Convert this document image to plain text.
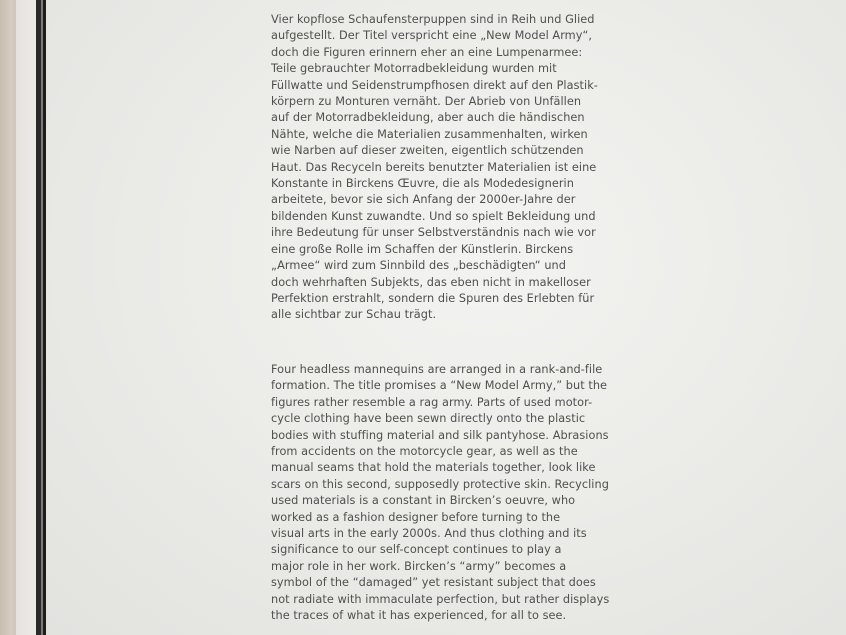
Vier kopflose Schaufensterpuppen sind in Reih und Glied
aufgestellt. Der Titel verspricht eine „New Model Army“,
doch die Figuren erinnern eher an eine Lumpenarmee:
Teile gebrauchter Motorradbekleidung wurden mit
Füllwatte und Seidenstrumpfhosen direkt auf den Plastik-
körpern zu Monturen vernäht. Der Abrieb von Unfällen
auf der Motorradbekleidung, aber auch die händischen
Nähte, welche die Materialien zusammenhalten, wirken
wie Narben auf dieser zweiten, eigentlich schützenden
Haut. Das Recyceln bereits benutzter Materialien ist eine
Konstante in Birckens Œuvre, die als Modedesignerin
arbeitete, bevor sie sich Anfang der 2000er-Jahre der
bildenden Kunst zuwandte. Und so spielt Bekleidung und
ihre Bedeutung für unser Selbstverständnis nach wie vor
eine große Rolle im Schaffen der Künstlerin. Birckens
„Armee“ wird zum Sinnbild des „beschädigten“ und
doch wehrhaften Subjekts, das eben nicht in makelloser
Perfektion erstrahlt, sondern die Spuren des Erlebten für
alle sichtbar zur Schau trägt.
Four headless mannequins are arranged in a rank-and-file
formation. The title promises a “New Model Army,” but the
figures rather resemble a rag army. Parts of used motor-
cycle clothing have been sewn directly onto the plastic
bodies with stuffing material and silk pantyhose. Abrasions
from accidents on the motorcycle gear, as well as the
manual seams that hold the materials together, look like
scars on this second, supposedly protective skin. Recycling
used materials is a constant in Bircken’s oeuvre, who
worked as a fashion designer before turning to the
visual arts in the early 2000s. And thus clothing and its
significance to our self-concept continues to play a
major role in her work. Bircken’s “army” becomes a
symbol of the “damaged” yet resistant subject that does
not radiate with immaculate perfection, but rather displays
the traces of what it has experienced, for all to see.
